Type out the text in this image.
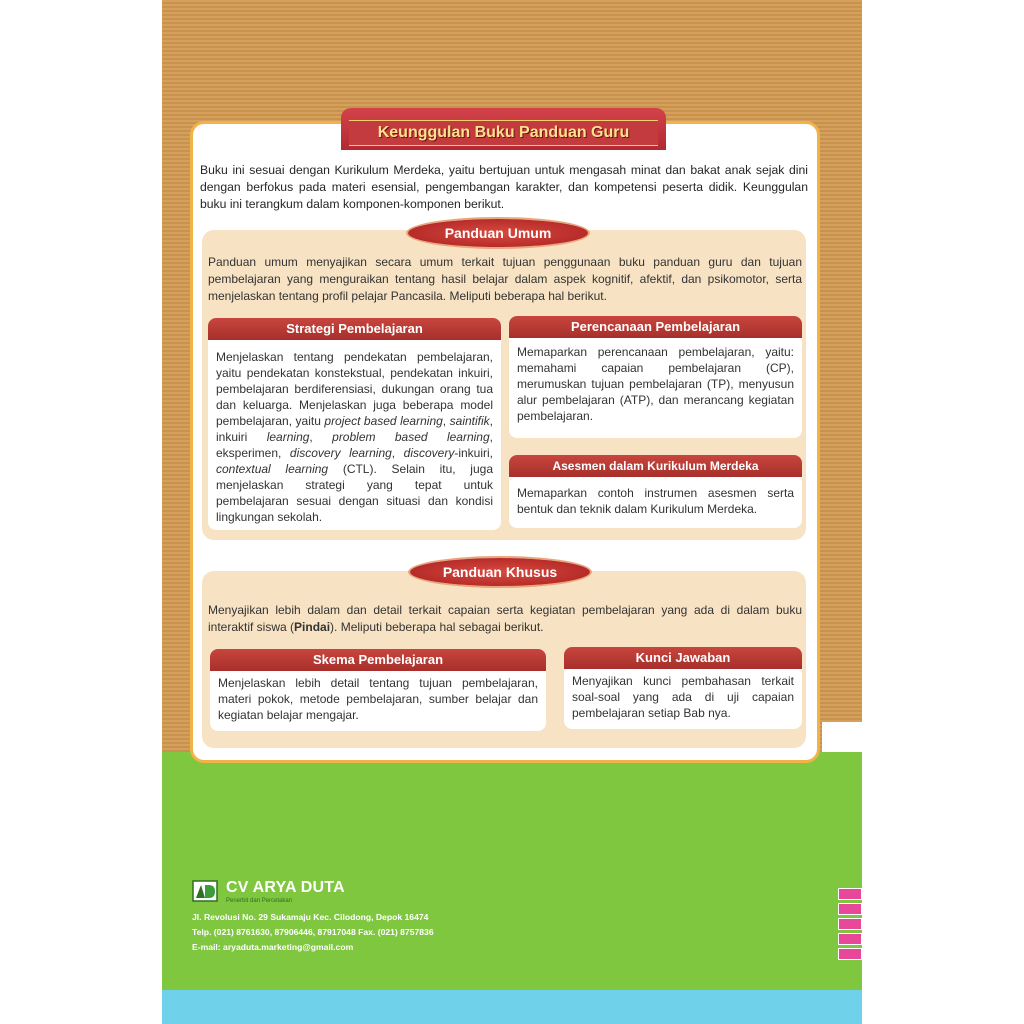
Keunggulan Buku Panduan Guru
Buku ini sesuai dengan Kurikulum Merdeka, yaitu bertujuan untuk mengasah minat dan bakat anak sejak dini dengan berfokus pada materi esensial, pengembangan karakter, dan kompetensi peserta didik. Keunggulan buku ini terangkum dalam komponen-komponen berikut.
Panduan Umum
Panduan umum menyajikan secara umum terkait tujuan penggunaan buku panduan guru dan tujuan pembelajaran yang menguraikan tentang hasil belajar dalam aspek kognitif, afektif, dan psikomotor, serta menjelaskan tentang profil pelajar Pancasila. Meliputi beberapa hal berikut.
Strategi Pembelajaran
Menjelaskan tentang pendekatan pembelajaran, yaitu pendekatan konstekstual, pendekatan inkuiri, pembelajaran berdiferensiasi, dukungan orang tua dan keluarga. Menjelaskan juga beberapa model pembelajaran, yaitu project based learning, saintifik, inkuiri learning, problem based learning, eksperimen, discovery learning, discovery-inkuiri, contextual learning (CTL). Selain itu, juga menjelaskan strategi yang tepat untuk pembelajaran sesuai dengan situasi dan kondisi lingkungan sekolah.
Perencanaan Pembelajaran
Memaparkan perencanaan pembelajaran, yaitu: memahami capaian pembelajaran (CP), merumuskan tujuan pembelajaran (TP), menyusun alur pembelajaran (ATP), dan merancang kegiatan pembelajaran.
Asesmen dalam Kurikulum Merdeka
Memaparkan contoh instrumen asesmen serta bentuk dan teknik dalam Kurikulum Merdeka.
Panduan Khusus
Menyajikan lebih dalam dan detail terkait capaian serta kegiatan pembelajaran yang ada di dalam buku interaktif siswa (Pindai). Meliputi beberapa hal sebagai berikut.
Skema Pembelajaran
Menjelaskan lebih detail tentang tujuan pembelajaran, materi pokok, metode pembelajaran, sumber belajar dan kegiatan belajar mengajar.
Kunci Jawaban
Menyajikan kunci pembahasan terkait soal-soal yang ada di uji capaian pembelajaran setiap Bab nya.
CV ARYA DUTA
Penerbit dan Percetakan
Jl. Revolusi No. 29 Sukamaju Kec. Cilodong, Depok 16474
Telp. (021) 8761630, 87906446, 87917048 Fax. (021) 8757836
E-mail: aryaduta.marketing@gmail.com
